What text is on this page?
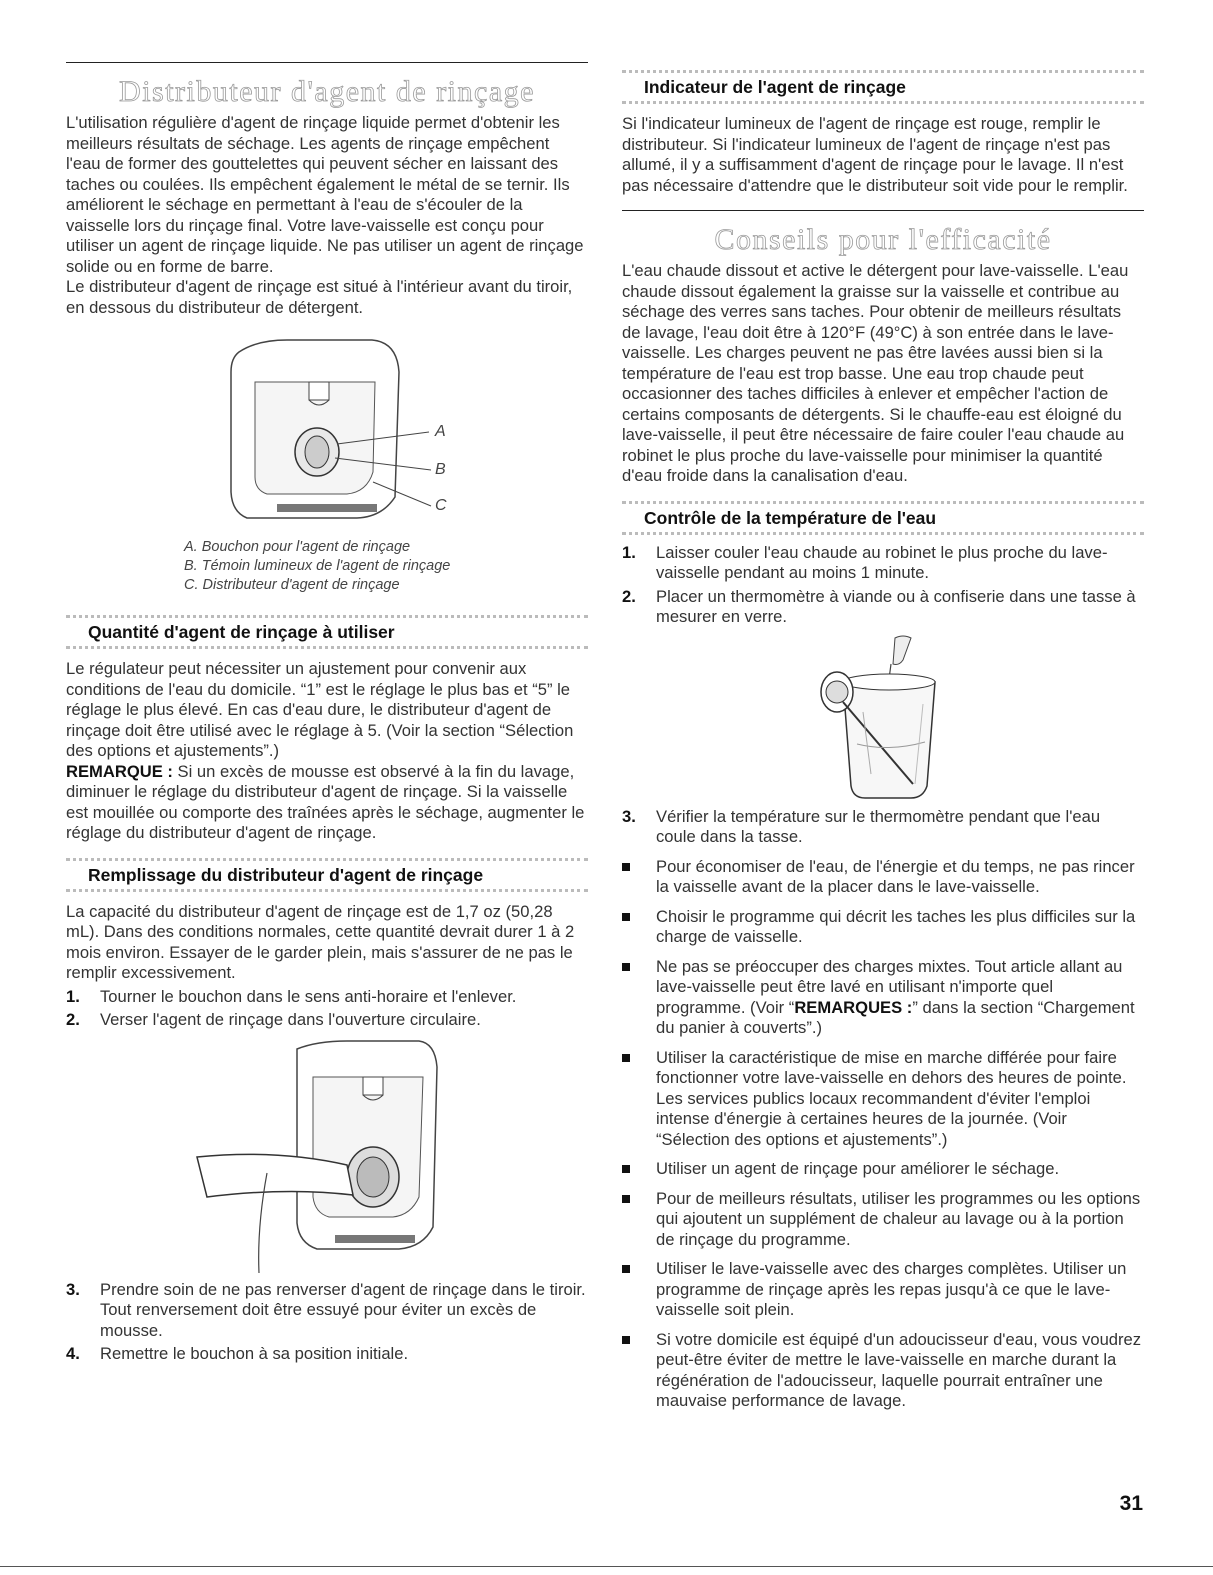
Distributeur d'agent de rinçage

L'utilisation régulière d'agent de rinçage liquide permet d'obtenir les meilleurs résultats de séchage. Les agents de rinçage empêchent l'eau de former des gouttelettes qui peuvent sécher en laissant des taches ou coulées. Ils empêchent également le métal de se ternir. Ils améliorent le séchage en permettant à l'eau de s'écouler de la vaisselle lors du rinçage final. Votre lave-vaisselle est conçu pour utiliser un agent de rinçage liquide. Ne pas utiliser un agent de rinçage solide ou en forme de barre.

Le distributeur d'agent de rinçage est situé à l'intérieur avant du tiroir, en dessous du distributeur de détergent.

A
B
C
A. Bouchon pour l'agent de rinçage
B. Témoin lumineux de l'agent de rinçage
C. Distributeur d'agent de rinçage
Quantité d'agent de rinçage à utiliser

Le régulateur peut nécessiter un ajustement pour convenir aux conditions de l'eau du domicile. “1” est le réglage le plus bas et “5” le réglage le plus élevé. En cas d'eau dure, le distributeur d'agent de rinçage doit être utilisé avec le réglage à 5. (Voir la section “Sélection des options et ajustements”.)

REMARQUE : Si un excès de mousse est observé à la fin du lavage, diminuer le réglage du distributeur d'agent de rinçage. Si la vaisselle est mouillée ou comporte des traînées après le séchage, augmenter le réglage du distributeur d'agent de rinçage.

Remplissage du distributeur d'agent de rinçage

La capacité du distributeur d'agent de rinçage est de 1,7 oz (50,28 mL). Dans des conditions normales, cette quantité devrait durer 1 à 2 mois environ. Essayer de le garder plein, mais s'assurer de ne pas le remplir excessivement.

1.	Tourner le bouchon dans le sens anti-horaire et l'enlever.
2.	Verser l'agent de rinçage dans l'ouverture circulaire.
3.	Prendre soin de ne pas renverser d'agent de rinçage dans le tiroir. Tout renversement doit être essuyé pour éviter un excès de mousse.
4.	Remettre le bouchon à sa position initiale.
Indicateur de l'agent de rinçage

Si l'indicateur lumineux de l'agent de rinçage est rouge, remplir le distributeur. Si l'indicateur lumineux de l'agent de rinçage n'est pas allumé, il y a suffisamment d'agent de rinçage pour le lavage. Il n'est pas nécessaire d'attendre que le distributeur soit vide pour le remplir.

Conseils pour l'efficacité

L'eau chaude dissout et active le détergent pour lave-vaisselle. L'eau chaude dissout également la graisse sur la vaisselle et contribue au séchage des verres sans taches. Pour obtenir de meilleurs résultats de lavage, l'eau doit être à 120°F (49°C) à son entrée dans le lave-vaisselle. Les charges peuvent ne pas être lavées aussi bien si la température de l'eau est trop basse. Une eau trop chaude peut occasionner des taches difficiles à enlever et empêcher l'action de certains composants de détergents. Si le chauffe-eau est éloigné du lave-vaisselle, il peut être nécessaire de faire couler l'eau chaude au robinet le plus proche du lave-vaisselle pour minimiser la quantité d'eau froide dans la canalisation d'eau.

Contrôle de la température de l'eau
1.	Laisser couler l'eau chaude au robinet le plus proche du lave-vaisselle pendant au moins 1 minute.
2.	Placer un thermomètre à viande ou à confiserie dans une tasse à mesurer en verre.
3.	Vérifier la température sur le thermomètre pendant que l'eau coule dans la tasse.
Pour économiser de l'eau, de l'énergie et du temps, ne pas rincer la vaisselle avant de la placer dans le lave-vaisselle.
Choisir le programme qui décrit les taches les plus difficiles sur la charge de vaisselle.
Ne pas se préoccuper des charges mixtes. Tout article allant au lave-vaisselle peut être lavé en utilisant n'importe quel programme. (Voir “REMARQUES :” dans la section “Chargement du panier à couverts”.)
Utiliser la caractéristique de mise en marche différée pour faire fonctionner votre lave-vaisselle en dehors des heures de pointe. Les services publics locaux recommandent d'éviter l'emploi intense d'énergie à certaines heures de la journée. (Voir “Sélection des options et ajustements”.)
Utiliser un agent de rinçage pour améliorer le séchage.
Pour de meilleurs résultats, utiliser les programmes ou les options qui ajoutent un supplément de chaleur au lavage ou à la portion de rinçage du programme.
Utiliser le lave-vaisselle avec des charges complètes. Utiliser un programme de rinçage après les repas jusqu'à ce que le lave-vaisselle soit plein.
Si votre domicile est équipé d'un adoucisseur d'eau, vous voudrez peut-être éviter de mettre le lave-vaisselle en marche durant la régénération de l'adoucisseur, laquelle pourrait entraîner une mauvaise performance de lavage.
31
